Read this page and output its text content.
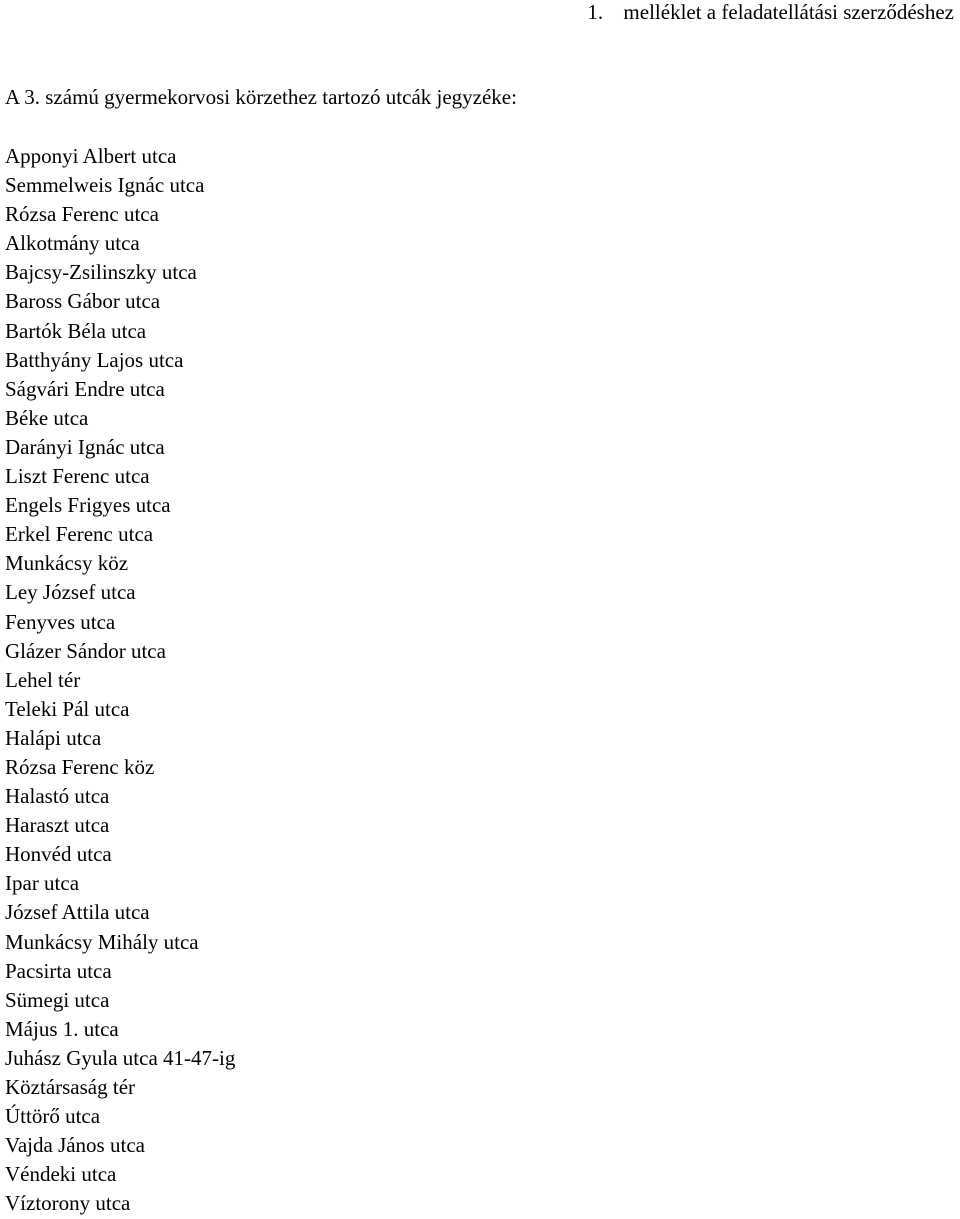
1. melléklet a feladatellátási szerződéshez
A 3. számú gyermekorvosi körzethez tartozó utcák jegyzéke:
Apponyi Albert utca
Semmelweis Ignác utca
Rózsa Ferenc utca
Alkotmány utca
Bajcsy-Zsilinszky utca
Baross Gábor utca
Bartók Béla utca
Batthyány Lajos utca
Ságvári Endre utca
Béke utca
Darányi Ignác utca
Liszt Ferenc utca
Engels Frigyes utca
Erkel Ferenc utca
Munkácsy köz
Ley József utca
Fenyves utca
Glázer Sándor utca
Lehel tér
Teleki Pál utca
Halápi utca
Rózsa Ferenc köz
Halastó utca
Haraszt utca
Honvéd utca
Ipar utca
József Attila utca
Munkácsy Mihály utca
Pacsirta utca
Sümegi utca
Május 1. utca
Juhász Gyula utca 41-47-ig
Köztársaság tér
Úttörő utca
Vajda János utca
Véndeki utca
Víztorony utca
